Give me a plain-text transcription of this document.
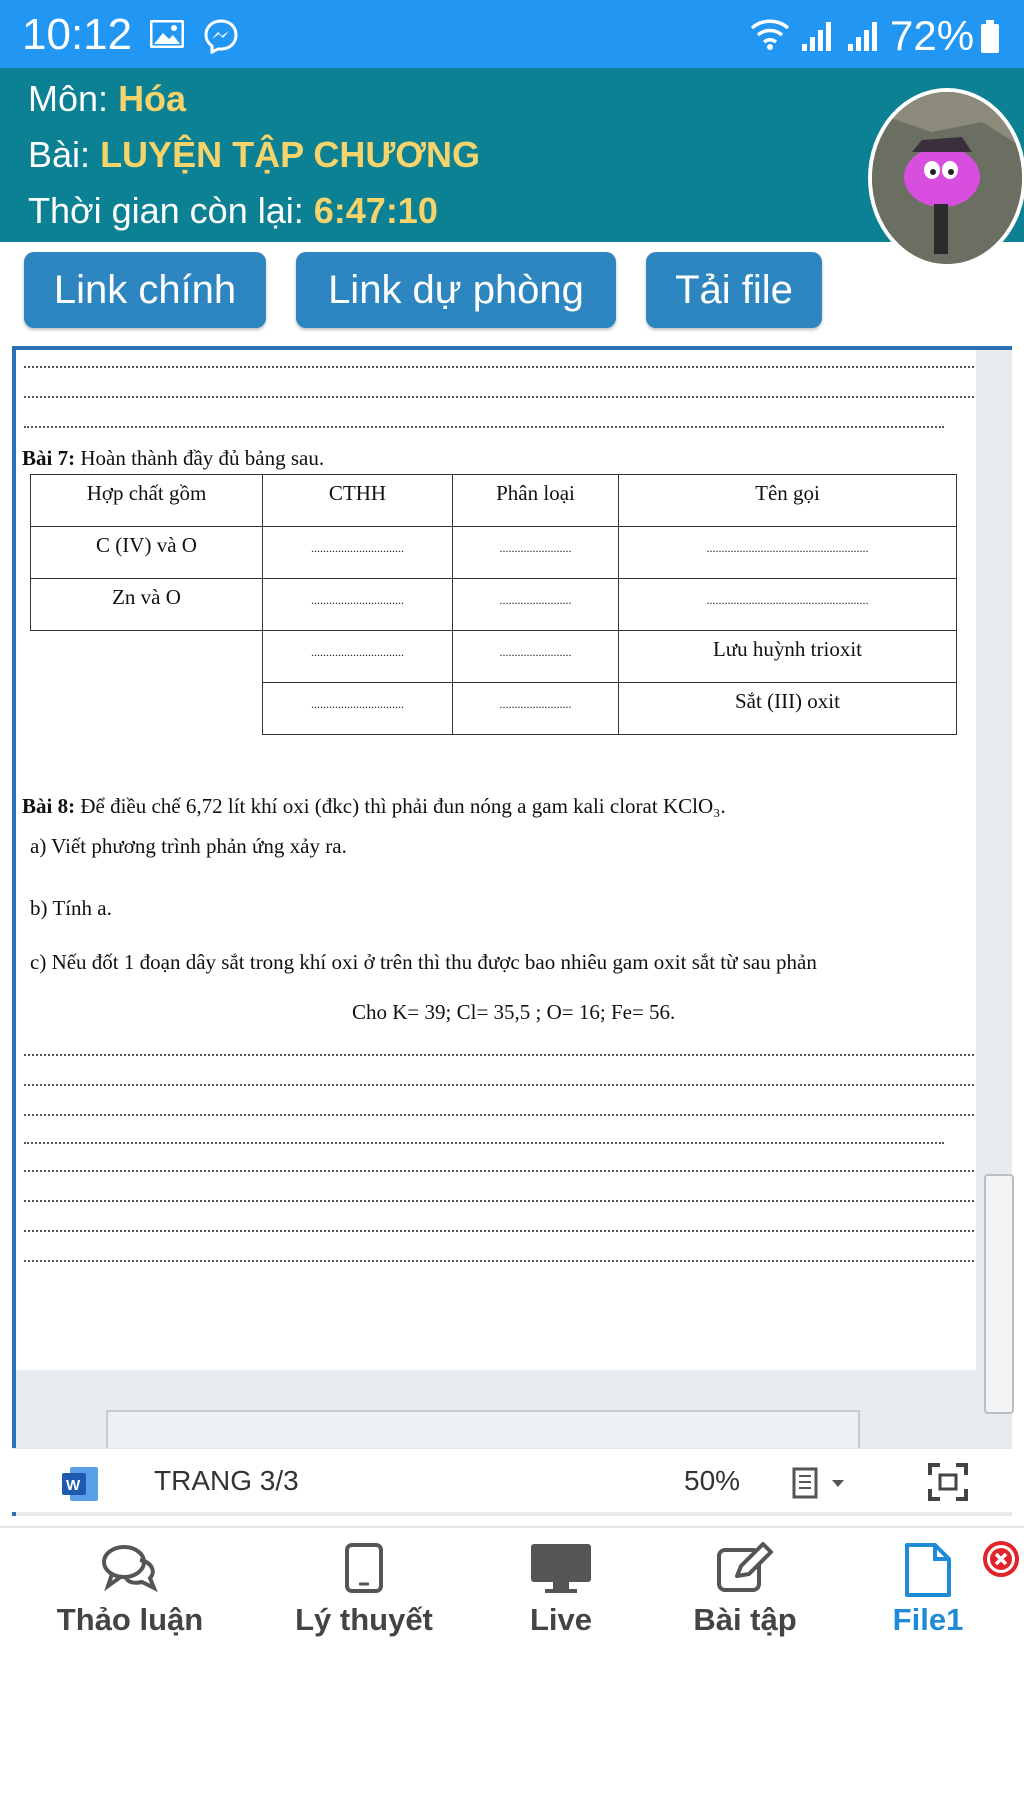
10:12	72%
Môn: Hóa
Bài: LUYỆN TẬP CHƯƠNG
Thời gian còn lại: 6:47:10
Link chính	Link dự phòng	Tải file
Bài 7: Hoàn thành đầy đủ bảng sau.
Hợp chất gồm	CTHH	Phân loại	Tên gọi
C (IV) và O	...............................	........................	......................................................
Zn và O	...............................	........................	......................................................
	...............................	........................	Lưu huỳnh trioxit
	...............................	........................	Sắt (III) oxit
Bài 8: Để điều chế 6,72 lít khí oxi (đkc) thì phải đun nóng a gam kali clorat KClO₃.
a) Viết phương trình phản ứng xảy ra.
b) Tính a.
c) Nếu đốt 1 đoạn dây sắt trong khí oxi ở trên thì thu được bao nhiêu gam oxit sắt từ sau phản
Cho K= 39; Cl= 35,5 ; O= 16; Fe= 56.
W	TRANG 3/3	50%
Thảo luận	Lý thuyết	Live	Bài tập	File1
